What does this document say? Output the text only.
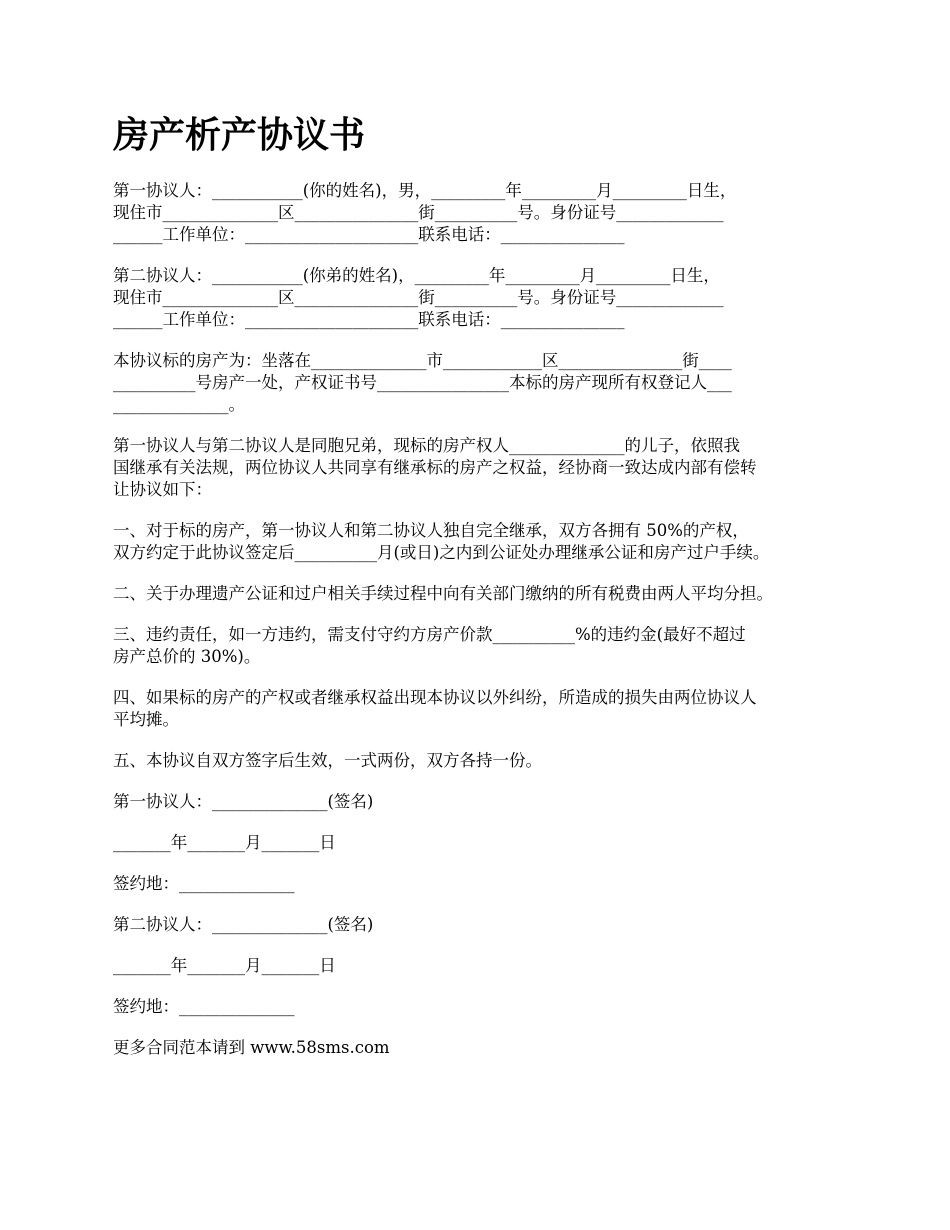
房产析产协议书
第一协议人：___________(你的姓名)，男，_________年_________月_________日生，
现住市______________区_______________街__________号。身份证号_____________
______工作单位：_____________________联系电话：_______________
第二协议人：___________(你弟的姓名)，_________年_________月_________日生，
现住市______________区_______________街__________号。身份证号_____________
______工作单位：_____________________联系电话：_______________
本协议标的房产为：坐落在______________市____________区_______________街____
__________号房产一处，产权证书号________________本标的房产现所有权登记人___
______________。
第一协议人与第二协议人是同胞兄弟，现标的房产权人______________的儿子，依照我
国继承有关法规，两位协议人共同享有继承标的房产之权益，经协商一致达成内部有偿转
让协议如下：
一、对于标的房产，第一协议人和第二协议人独自完全继承，双方各拥有 50%的产权，
双方约定于此协议签定后__________月(或日)之内到公证处办理继承公证和房产过户手续。
二、关于办理遗产公证和过户相关手续过程中向有关部门缴纳的所有税费由两人平均分担。
三、违约责任，如一方违约，需支付守约方房产价款__________%的违约金(最好不超过
房产总价的 30%)。
四、如果标的房产的产权或者继承权益出现本协议以外纠纷，所造成的损失由两位协议人
平均摊。
五、本协议自双方签字后生效，一式两份，双方各持一份。
第一协议人：______________(签名)
_______年_______月_______日
签约地：______________
第二协议人：______________(签名)
_______年_______月_______日
签约地：______________
更多合同范本请到 www.58sms.com
